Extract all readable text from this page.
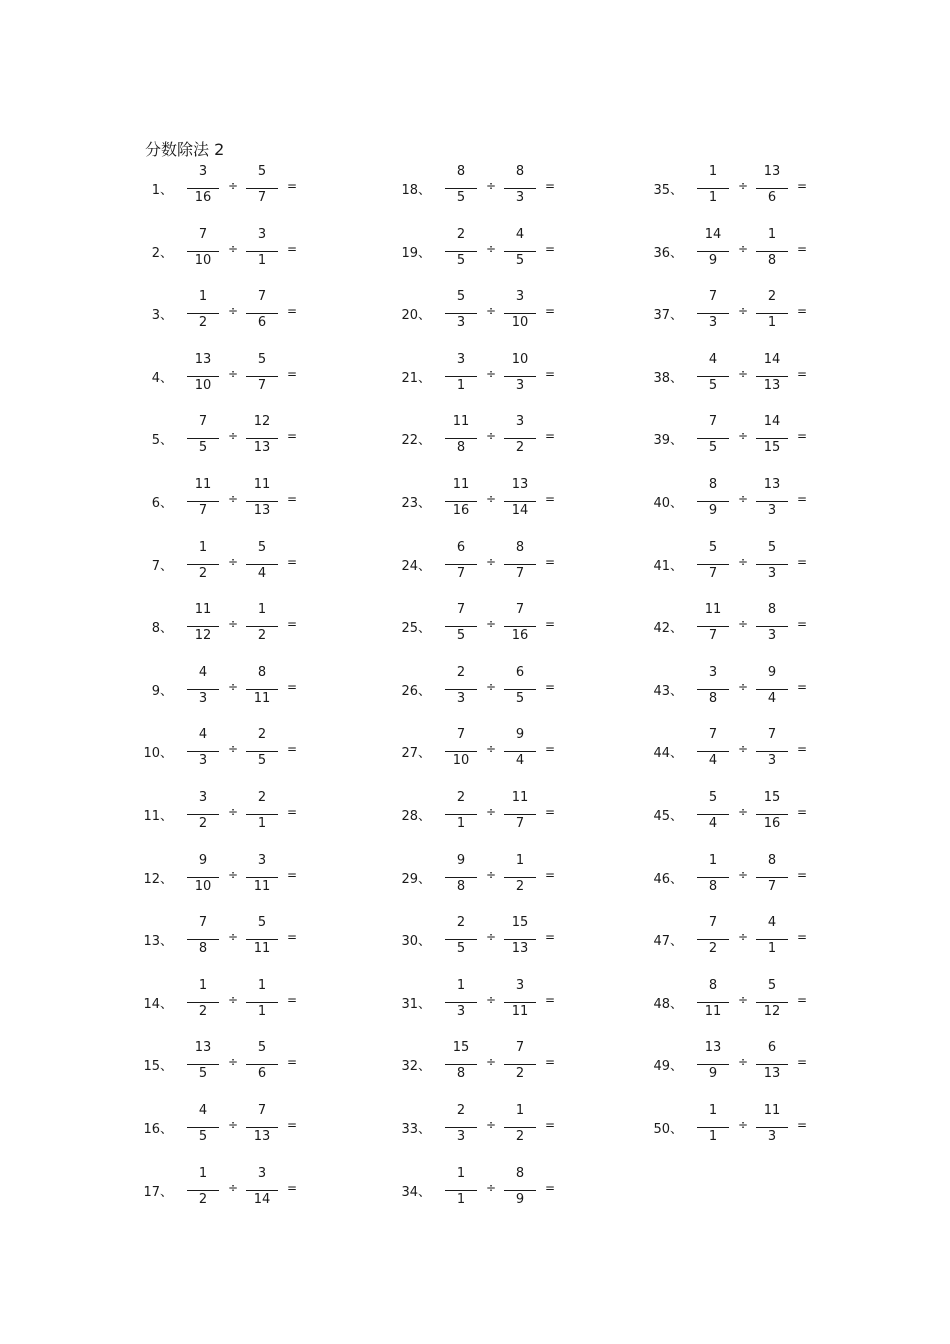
分数除法 2
1、
3
16
÷
5
7
=
2、
7
10
÷
3
1
=
3、
1
2
÷
7
6
=
4、
13
10
÷
5
7
=
5、
7
5
÷
12
13
=
6、
11
7
÷
11
13
=
7、
1
2
÷
5
4
=
8、
11
12
÷
1
2
=
9、
4
3
÷
8
11
=
10、
4
3
÷
2
5
=
11、
3
2
÷
2
1
=
12、
9
10
÷
3
11
=
13、
7
8
÷
5
11
=
14、
1
2
÷
1
1
=
15、
13
5
÷
5
6
=
16、
4
5
÷
7
13
=
17、
1
2
÷
3
14
=
18、
8
5
÷
8
3
=
19、
2
5
÷
4
5
=
20、
5
3
÷
3
10
=
21、
3
1
÷
10
3
=
22、
11
8
÷
3
2
=
23、
11
16
÷
13
14
=
24、
6
7
÷
8
7
=
25、
7
5
÷
7
16
=
26、
2
3
÷
6
5
=
27、
7
10
÷
9
4
=
28、
2
1
÷
11
7
=
29、
9
8
÷
1
2
=
30、
2
5
÷
15
13
=
31、
1
3
÷
3
11
=
32、
15
8
÷
7
2
=
33、
2
3
÷
1
2
=
34、
1
1
÷
8
9
=
35、
1
1
÷
13
6
=
36、
14
9
÷
1
8
=
37、
7
3
÷
2
1
=
38、
4
5
÷
14
13
=
39、
7
5
÷
14
15
=
40、
8
9
÷
13
3
=
41、
5
7
÷
5
3
=
42、
11
7
÷
8
3
=
43、
3
8
÷
9
4
=
44、
7
4
÷
7
3
=
45、
5
4
÷
15
16
=
46、
1
8
÷
8
7
=
47、
7
2
÷
4
1
=
48、
8
11
÷
5
12
=
49、
13
9
÷
6
13
=
50、
1
1
÷
11
3
=
